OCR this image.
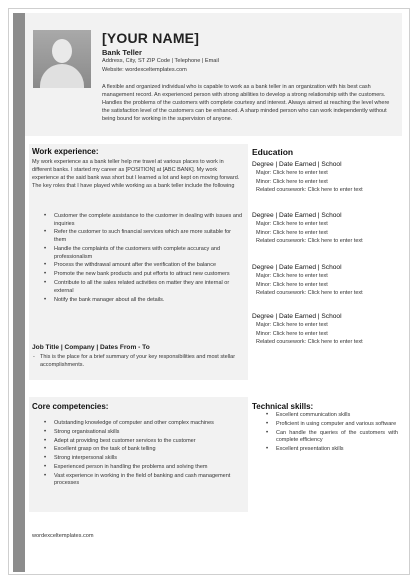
[YOUR NAME]
Bank Teller
Address, City, ST ZIP Code | Telephone | Email
Website: wordexceltemplates.com

A flexible and organized individual who is capable to work as a bank teller in an organization with his best cash management record. An experienced person with strong abilities to develop a strong relationship with the customers. Handles the problems of the customers with complete courtesy and interest. Always aimed at reaching the level where the satisfaction level of the customers can be enhanced. A sharp minded person who can work independently without being bound for working in the supervision of anyone.

Work experience:

My work experience as a bank teller help me travel at various places to work in different banks. I started my career as [POSITION] at [ABC BANK]. My work experience at the said bank was short but I learned a lot and kept on moving forward. The key roles that I have played while working as a bank teller include the following

• Customer the complete assistance to the customer in dealing with issues and inquiries
• Refer the customer to such financial services which are more suitable for them
• Handle the complaints of the customers with complete accuracy and professionalism
• Process the withdrawal amount after the verification of the balance
• Promote the new bank products and put efforts to attract new customers
• Contribute to all the sales related activities on matter they are internal or external
• Notify the bank manager about all the details.
Job Title | Company | Dates From - To
- This is the place for a brief summary of your key responsibilities and most stellar accomplishments.
Education

Degree | Date Earned | School

Major: Click here to enter text

Minor: Click here to enter text

Related coursework: Click here to enter text

Degree | Date Earned | School

Major: Click here to enter text

Minor: Click here to enter text

Related coursework: Click here to enter text

Degree | Date Earned | School

Major: Click here to enter text

Minor: Click here to enter text

Related coursework: Click here to enter text

Degree | Date Earned | School

Major: Click here to enter text

Minor: Click here to enter text

Related coursework: Click here to enter text

Core competencies:
• Outstanding knowledge of computer and other complex machines
• Strong organisational skills
• Adept at providing best customer services to the customer
• Excellent grasp on the task of bank telling
• Strong interpersonal skills
• Experienced person in handling the problems and solving them
• Vast experience in working in the field of banking and cash management processes
Technical skills:
• Excellent communication skills
• Proficient in using computer and various software
• Can handle the queries of the customers with complete efficiency
• Excellent presentation skills
wordexceltemplates.com
